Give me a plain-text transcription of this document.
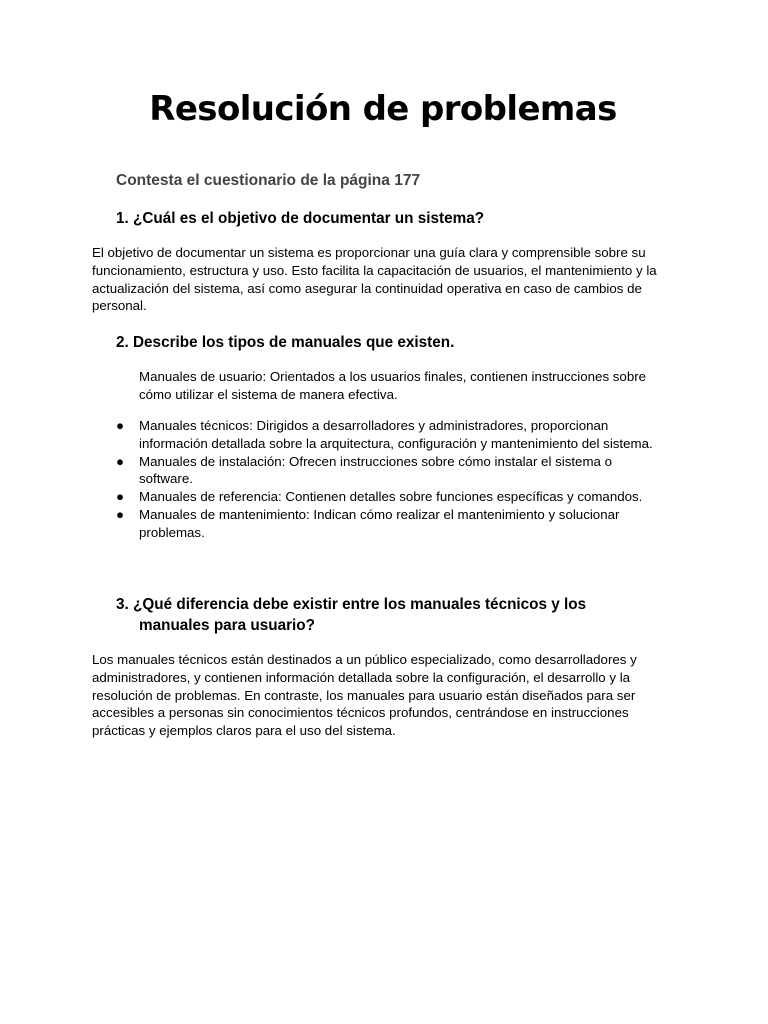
Resolución de problemas

Contesta el cuestionario de la página 177

1. ¿Cuál es el objetivo de documentar un sistema?

El objetivo de documentar un sistema es proporcionar una guía clara y comprensible sobre su funcionamiento, estructura y uso. Esto facilita la capacitación de usuarios, el mantenimiento y la actualización del sistema, así como asegurar la continuidad operativa en caso de cambios de personal.

2. Describe los tipos de manuales que existen.

Manuales de usuario: Orientados a los usuarios finales, contienen instrucciones sobre cómo utilizar el sistema de manera efectiva.

● Manuales técnicos: Dirigidos a desarrolladores y administradores, proporcionan información detallada sobre la arquitectura, configuración y mantenimiento del sistema.
● Manuales de instalación: Ofrecen instrucciones sobre cómo instalar el sistema o software.
● Manuales de referencia: Contienen detalles sobre funciones específicas y comandos.
● Manuales de mantenimiento: Indican cómo realizar el mantenimiento y solucionar problemas.
3. ¿Qué diferencia debe existir entre los manuales técnicos y los manuales para usuario?

Los manuales técnicos están destinados a un público especializado, como desarrolladores y administradores, y contienen información detallada sobre la configuración, el desarrollo y la resolución de problemas. En contraste, los manuales para usuario están diseñados para ser accesibles a personas sin conocimientos técnicos profundos, centrándose en instrucciones prácticas y ejemplos claros para el uso del sistema.
